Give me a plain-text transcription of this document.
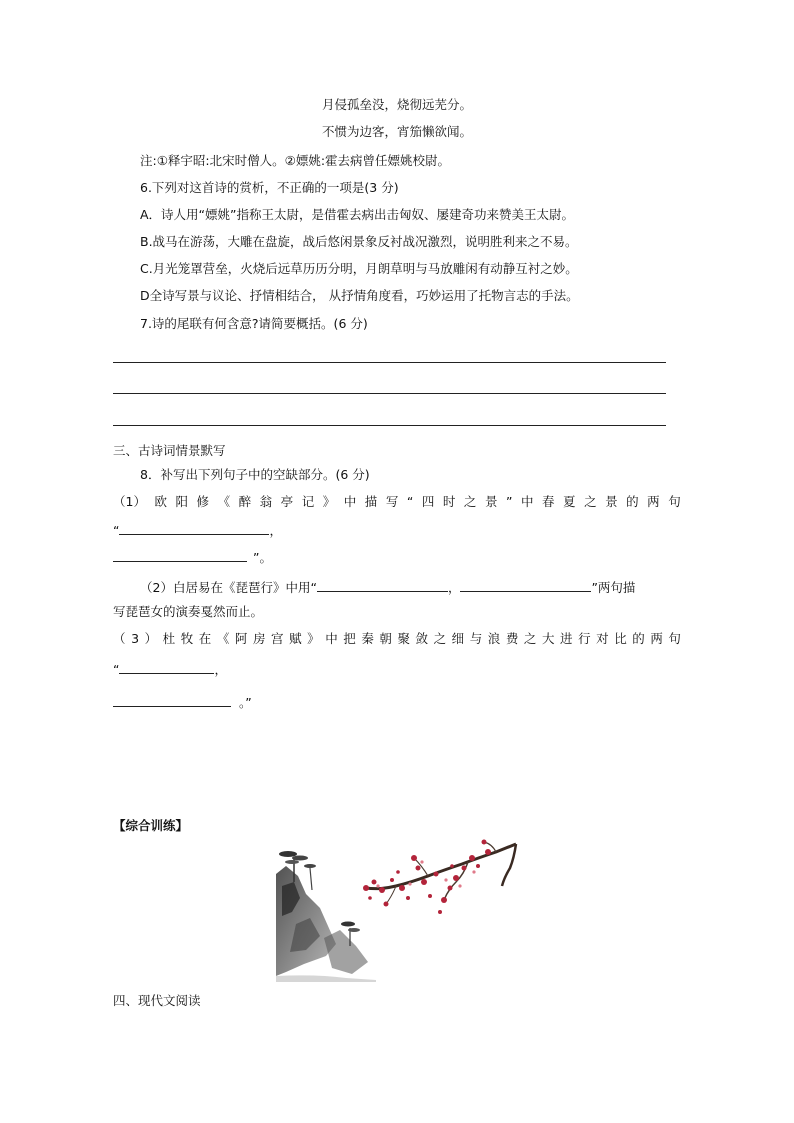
月侵孤垒没，烧彻远芜分。
不惯为边客，宵笳懒欲闻。
注:①释宇昭:北宋时僧人。②嫖姚:霍去病曾任嫖姚校尉。
6.下列对这首诗的赏析，不正确的一项是(3 分)
A．诗人用“嫖姚”指称王太尉，是借霍去病出击匈奴、屡建奇功来赞美王太尉。
B.战马在游荡，大雕在盘旋，战后悠闲景象反衬战况激烈，说明胜利来之不易。
C.月光笼罩营垒，火烧后远草历历分明，月朗草明与马放雕闲有动静互衬之妙。
D全诗写景与议论、抒情相结合， 从抒情角度看，巧妙运用了托物言志的手法。
7.诗的尾联有何含意?请简要概括。(6 分)
三、古诗词情景默写
8．补写出下列句子中的空缺部分。(6 分)
（1） 欧 阳 修 《 醉 翁 亭 记 》 中 描 写 “ 四 时 之 景 ” 中 春 夏 之 景 的 两 句
“	，
”。
（2）白居易在《琵琶行》中用“	，	”两句描
写琵琶女的演奏戛然而止。
（ 3 ） 杜 牧 在 《 阿 房 宫 赋 》 中 把 秦 朝 聚 敛 之 细 与 浪 费 之 大 进 行 对 比 的 两 句
“	，
。”
【综合训练】
四、现代文阅读
